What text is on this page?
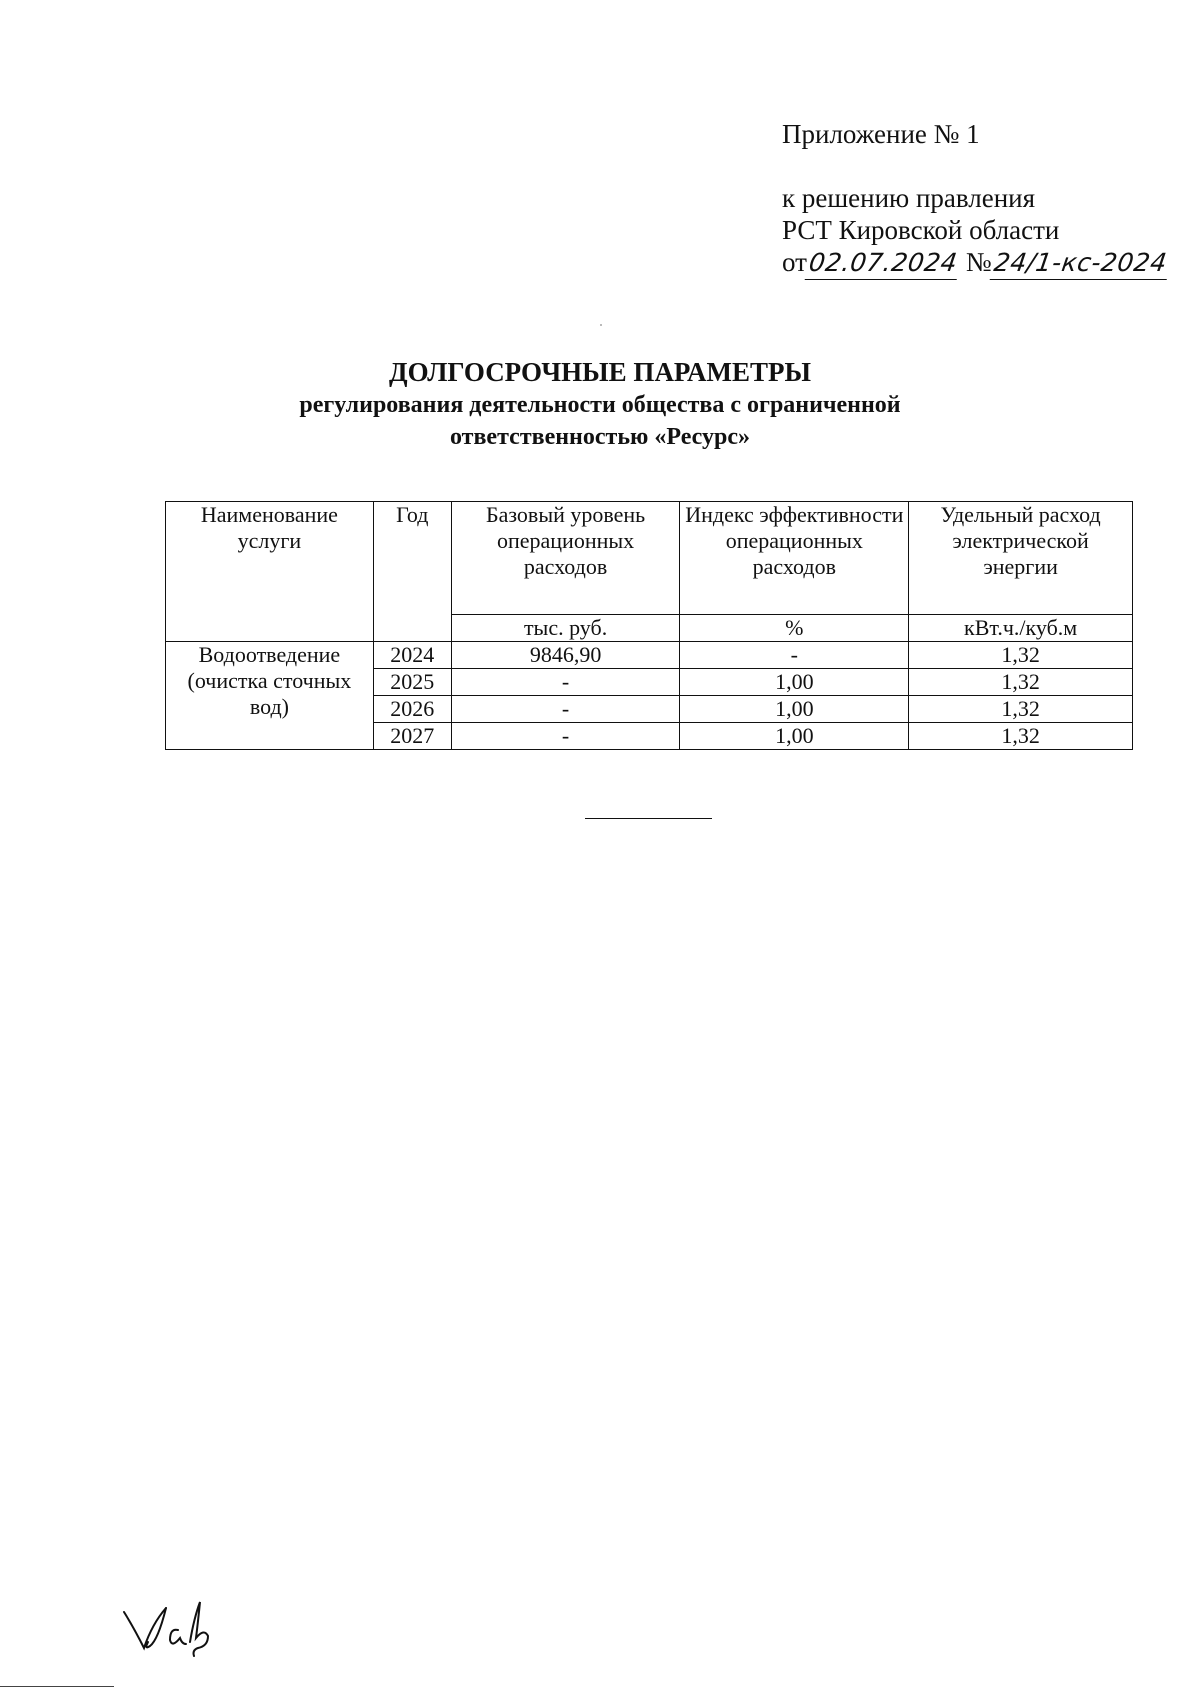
Приложение № 1
к решению правления
РСТ Кировской области
от02.07.2024 №24/1-кс-2024
ДОЛГОСРОЧНЫЕ ПАРАМЕТРЫ
регулирования деятельности общества с ограниченной
ответственностью «Ресурс»
Наименование услуги	Год	Базовый уровень операционных расходов	Индекс эффективности операционных расходов	Удельный расход электрической энергии
		тыс. руб.	%	кВт.ч./куб.м
Водоотведение (очистка сточных вод)	2024	9846,90	-	1,32
	2025	-	1,00	1,32
	2026	-	1,00	1,32
	2027	-	1,00	1,32
